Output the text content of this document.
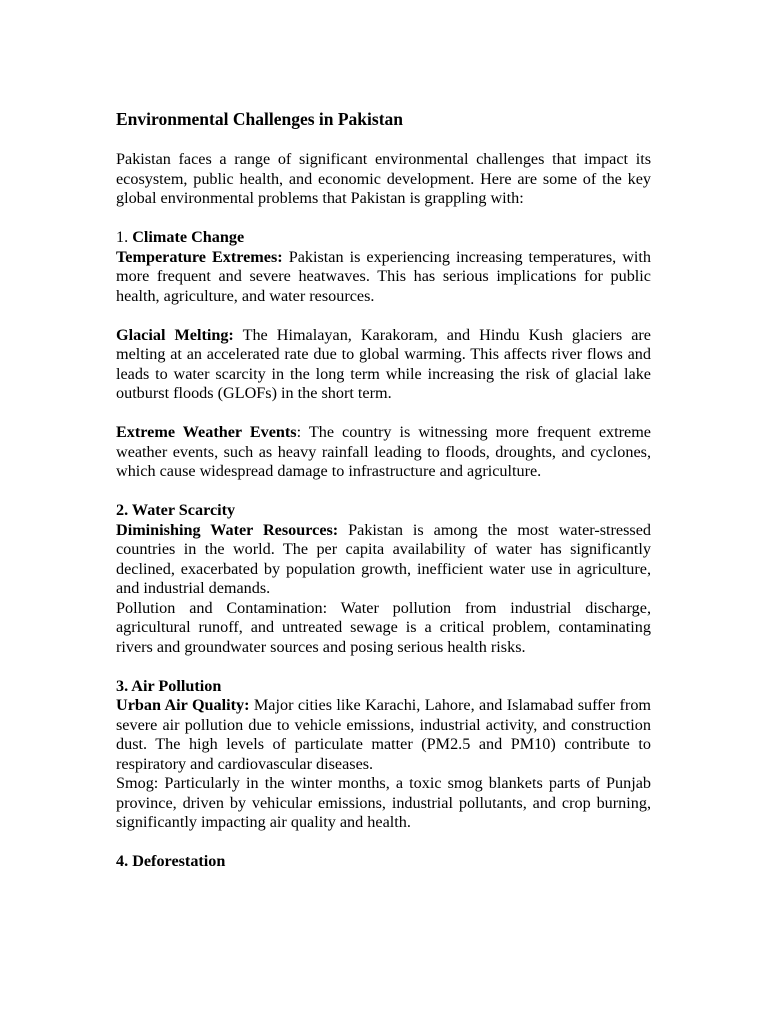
Environmental Challenges in Pakistan

Pakistan faces a range of significant environmental challenges that impact its ecosystem, public health, and economic development. Here are some of the key global environmental problems that Pakistan is grappling with:

1. Climate Change

Temperature Extremes: Pakistan is experiencing increasing temperatures, with more frequent and severe heatwaves. This has serious implications for public health, agriculture, and water resources.

Glacial Melting: The Himalayan, Karakoram, and Hindu Kush glaciers are melting at an accelerated rate due to global warming. This affects river flows and leads to water scarcity in the long term while increasing the risk of glacial lake outburst floods (GLOFs) in the short term.

Extreme Weather Events: The country is witnessing more frequent extreme weather events, such as heavy rainfall leading to floods, droughts, and cyclones, which cause widespread damage to infrastructure and agriculture.

2. Water Scarcity

Diminishing Water Resources: Pakistan is among the most water-stressed countries in the world. The per capita availability of water has significantly declined, exacerbated by population growth, inefficient water use in agriculture, and industrial demands.

Pollution and Contamination: Water pollution from industrial discharge, agricultural runoff, and untreated sewage is a critical problem, contaminating rivers and groundwater sources and posing serious health risks.

3. Air Pollution

Urban Air Quality: Major cities like Karachi, Lahore, and Islamabad suffer from severe air pollution due to vehicle emissions, industrial activity, and construction dust. The high levels of particulate matter (PM2.5 and PM10) contribute to respiratory and cardiovascular diseases.

Smog: Particularly in the winter months, a toxic smog blankets parts of Punjab province, driven by vehicular emissions, industrial pollutants, and crop burning, significantly impacting air quality and health.

4. Deforestation
